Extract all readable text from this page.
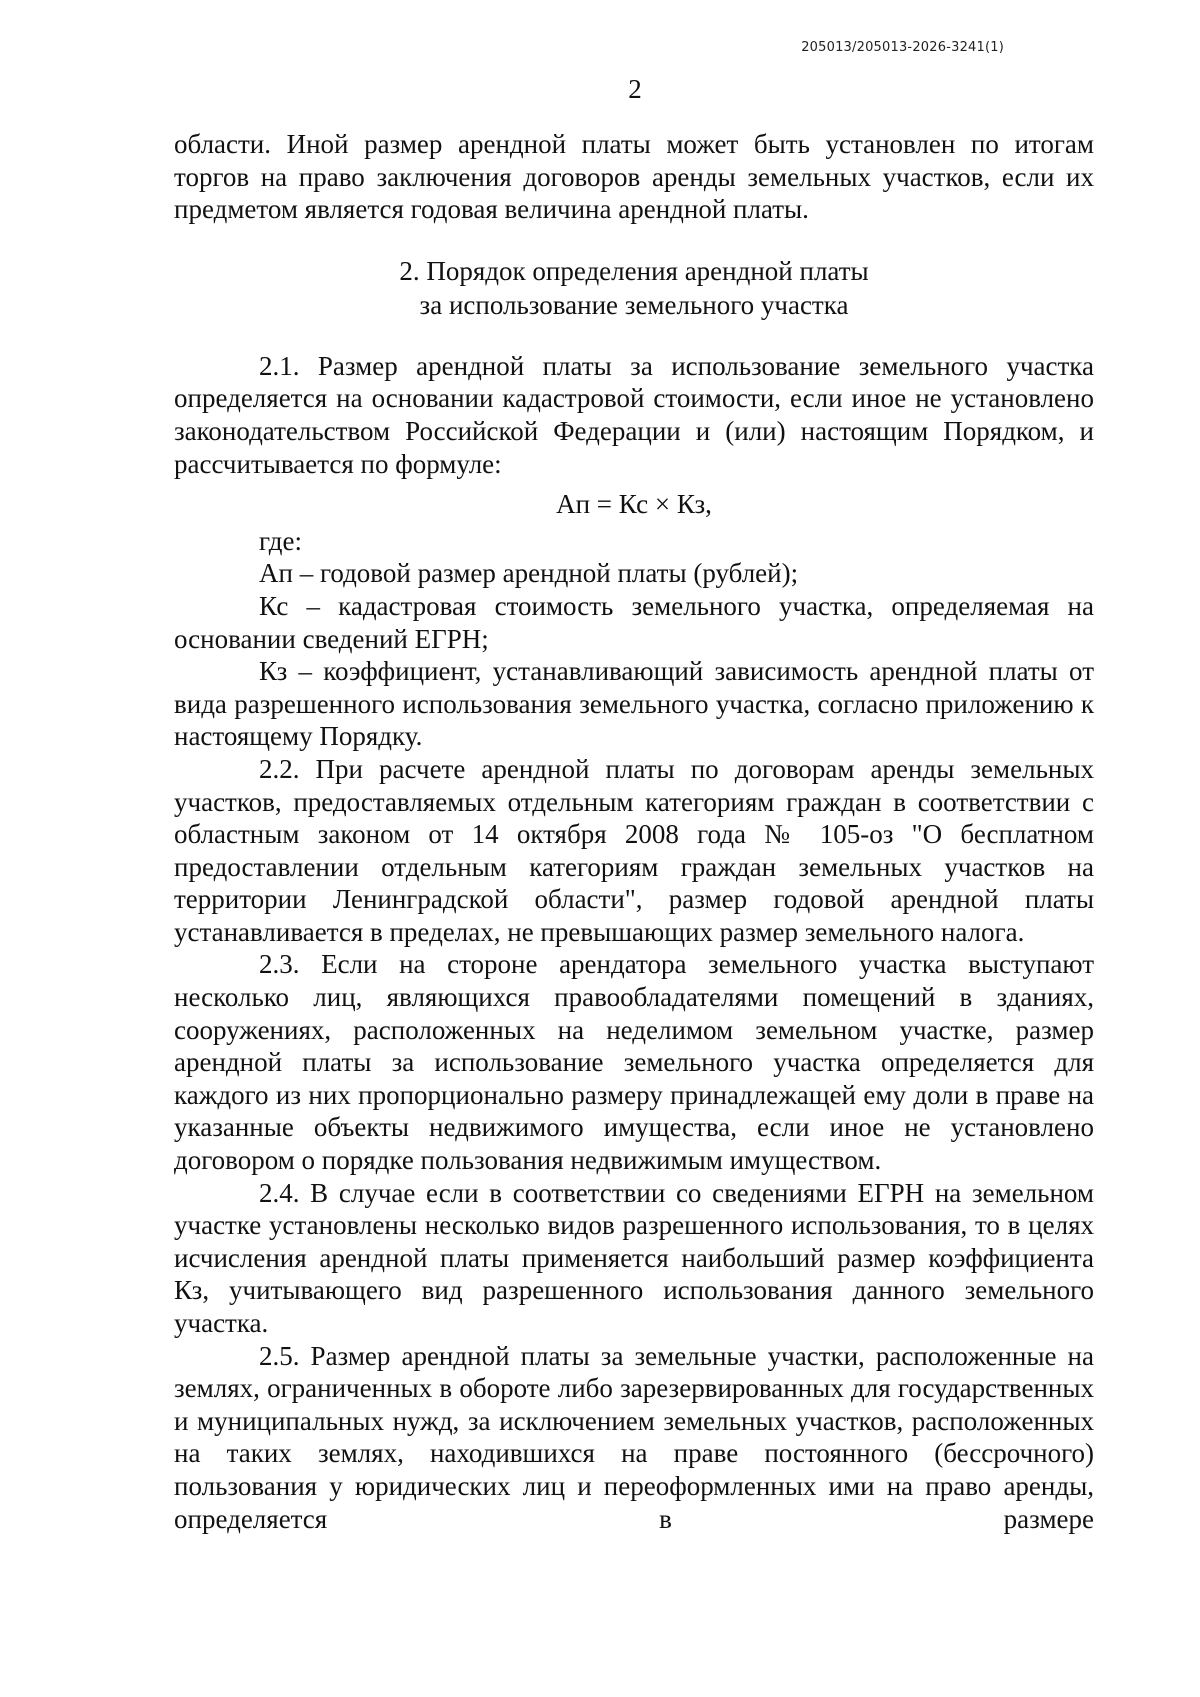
205013/205013-2026-3241(1)
2

области. Иной размер арендной платы может быть установлен по итогам торгов на право заключения договоров аренды земельных участков, если их предметом является годовая величина арендной платы.

2. Порядок определения арендной платы
за использование земельного участка

2.1. Размер арендной платы за использование земельного участка определяется на основании кадастровой стоимости, если иное не установлено законодательством Российской Федерации и (или) настоящим Порядком, и рассчитывается по формуле:

Ап = Кс × Кз,

где:

Ап – годовой размер арендной платы (рублей);

Кс – кадастровая стоимость земельного участка, определяемая на основании сведений ЕГРН;

Кз – коэффициент, устанавливающий зависимость арендной платы от вида разрешенного использования земельного участка, согласно приложению к настоящему Порядку.

2.2. При расчете арендной платы по договорам аренды земельных участков, предоставляемых отдельным категориям граждан в соответствии с областным законом от 14 октября 2008 года № 105-оз "О бесплатном предоставлении отдельным категориям граждан земельных участков на территории Ленинградской области", размер годовой арендной платы устанавливается в пределах, не превышающих размер земельного налога.

2.3. Если на стороне арендатора земельного участка выступают несколько лиц, являющихся правообладателями помещений в зданиях, сооружениях, расположенных на неделимом земельном участке, размер арендной платы за использование земельного участка определяется для каждого из них пропорционально размеру принадлежащей ему доли в праве на указанные объекты недвижимого имущества, если иное не установлено договором о порядке пользования недвижимым имуществом.

2.4. В случае если в соответствии со сведениями ЕГРН на земельном участке установлены несколько видов разрешенного использования, то в целях исчисления арендной платы применяется наибольший размер коэффициента Кз, учитывающего вид разрешенного использования данного земельного участка.

2.5. Размер арендной платы за земельные участки, расположенные на землях, ограниченных в обороте либо зарезервированных для государственных и муниципальных нужд, за исключением земельных участков, расположенных на таких землях, находившихся на праве постоянного (бессрочного) пользования у юридических лиц и переоформленных ими на право аренды, определяется в размере
